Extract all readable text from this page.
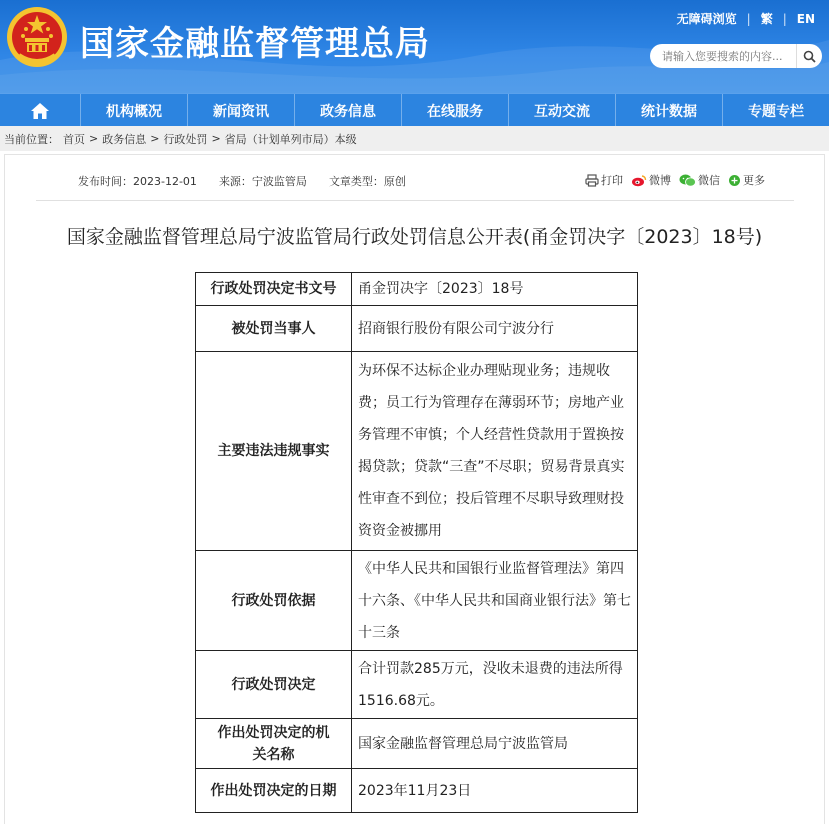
国家金融监督管理总局
无障碍浏览 | 繁 | EN
请输入您要搜索的内容...
机构概况	新闻资讯	政务信息	在线服务	互动交流	统计数据	专题专栏
当前位置： 首页 > 政务信息 > 行政处罚 > 省局（计划单列市局）本级
发布时间：2023-12-01 来源：宁波监管局 文章类型：原创	打印 微博 微信 更多
国家金融监督管理总局宁波监管局行政处罚信息公开表(甬金罚决字〔2023〕18号)
行政处罚决定书文号	甬金罚决字〔2023〕18号
被处罚当事人	招商银行股份有限公司宁波分行
主要违法违规事实	为环保不达标企业办理贴现业务；违规收费；员工行为管理存在薄弱环节；房地产业务管理不审慎；个人经营性贷款用于置换按揭贷款；贷款“三查”不尽职；贸易背景真实性审查不到位；投后管理不尽职导致理财投资资金被挪用
行政处罚依据	《中华人民共和国银行业监督管理法》第四十六条、《中华人民共和国商业银行法》第七十三条
行政处罚决定	合计罚款285万元，没收未退费的违法所得1516.68元。
作出处罚决定的机关名称	国家金融监督管理总局宁波监管局
作出处罚决定的日期	2023年11月23日
